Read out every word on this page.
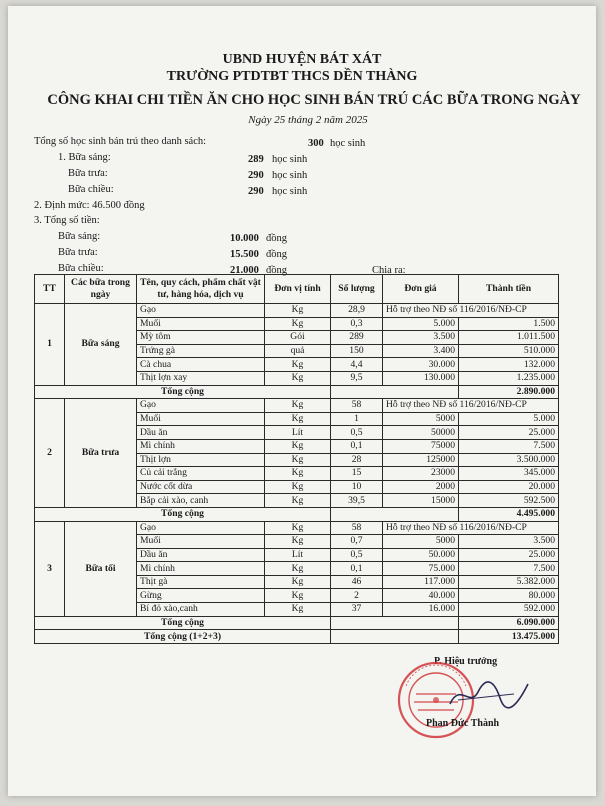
UBND HUYỆN BÁT XÁT
TRƯỜNG PTDTBT THCS DỀN THÀNG
CÔNG KHAI CHI TIỀN ĂN CHO HỌC SINH BÁN TRÚ CÁC BỮA TRONG NGÀY
Ngày 25 tháng 2 năm 2025
Tổng số học sinh bán trú theo danh sách:	300 học sinh
1. Bữa sáng:	289 học sinh
Bữa trưa:	290 học sinh
Bữa chiều:	290 học sinh
2. Định mức: 46.500 đồng
3. Tổng số tiền:
Bữa sáng:	10.000 đồng
Bữa trưa:	15.500 đồng
Bữa chiều:	21.000 đồng	Chia ra:
TT	Các bữa trong ngày	Tên, quy cách, phẩm chất vật tư, hàng hóa, dịch vụ	Đơn vị tính	Số lượng	Đơn giá	Thành tiền
1	Bữa sáng	Gạo	Kg	28,9	Hỗ trợ theo NĐ số 116/2016/NĐ-CP	
		Muối	Kg	0,3	5.000	1.500
		Mỳ tôm	Gói	289	3.500	1.011.500
		Trứng gà	quả	150	3.400	510.000
		Cà chua	Kg	4,4	30.000	132.000
		Thịt lợn xay	Kg	9,5	130.000	1.235.000
Tổng cộng						2.890.000
2	Bữa trưa	Gạo	Kg	58	Hỗ trợ theo NĐ số 116/2016/NĐ-CP	
		Muối	Kg	1	5000	5.000
		Dầu ăn	Lít	0,5	50000	25.000
		Mì chính	Kg	0,1	75000	7.500
		Thịt lợn	Kg	28	125000	3.500.000
		Củ cải trắng	Kg	15	23000	345.000
		Nước cốt dừa	Kg	10	2000	20.000
		Bắp cải xào, canh	Kg	39,5	15000	592.500
Tổng cộng						4.495.000
3	Bữa tối	Gạo	Kg	58	Hỗ trợ theo NĐ số 116/2016/NĐ-CP	
		Muối	Kg	0,7	5000	3.500
		Dầu ăn	Lít	0,5	50.000	25.000
		Mì chính	Kg	0,1	75.000	7.500
		Thịt gà	Kg	46	117.000	5.382.000
		Gừng	Kg	2	40.000	80.000
		Bí đỏ xào,canh	Kg	37	16.000	592.000
Tổng cộng						6.090.000
Tổng cộng (1+2+3)						13.475.000
P. Hiệu trưởng
Phan Đức Thành
